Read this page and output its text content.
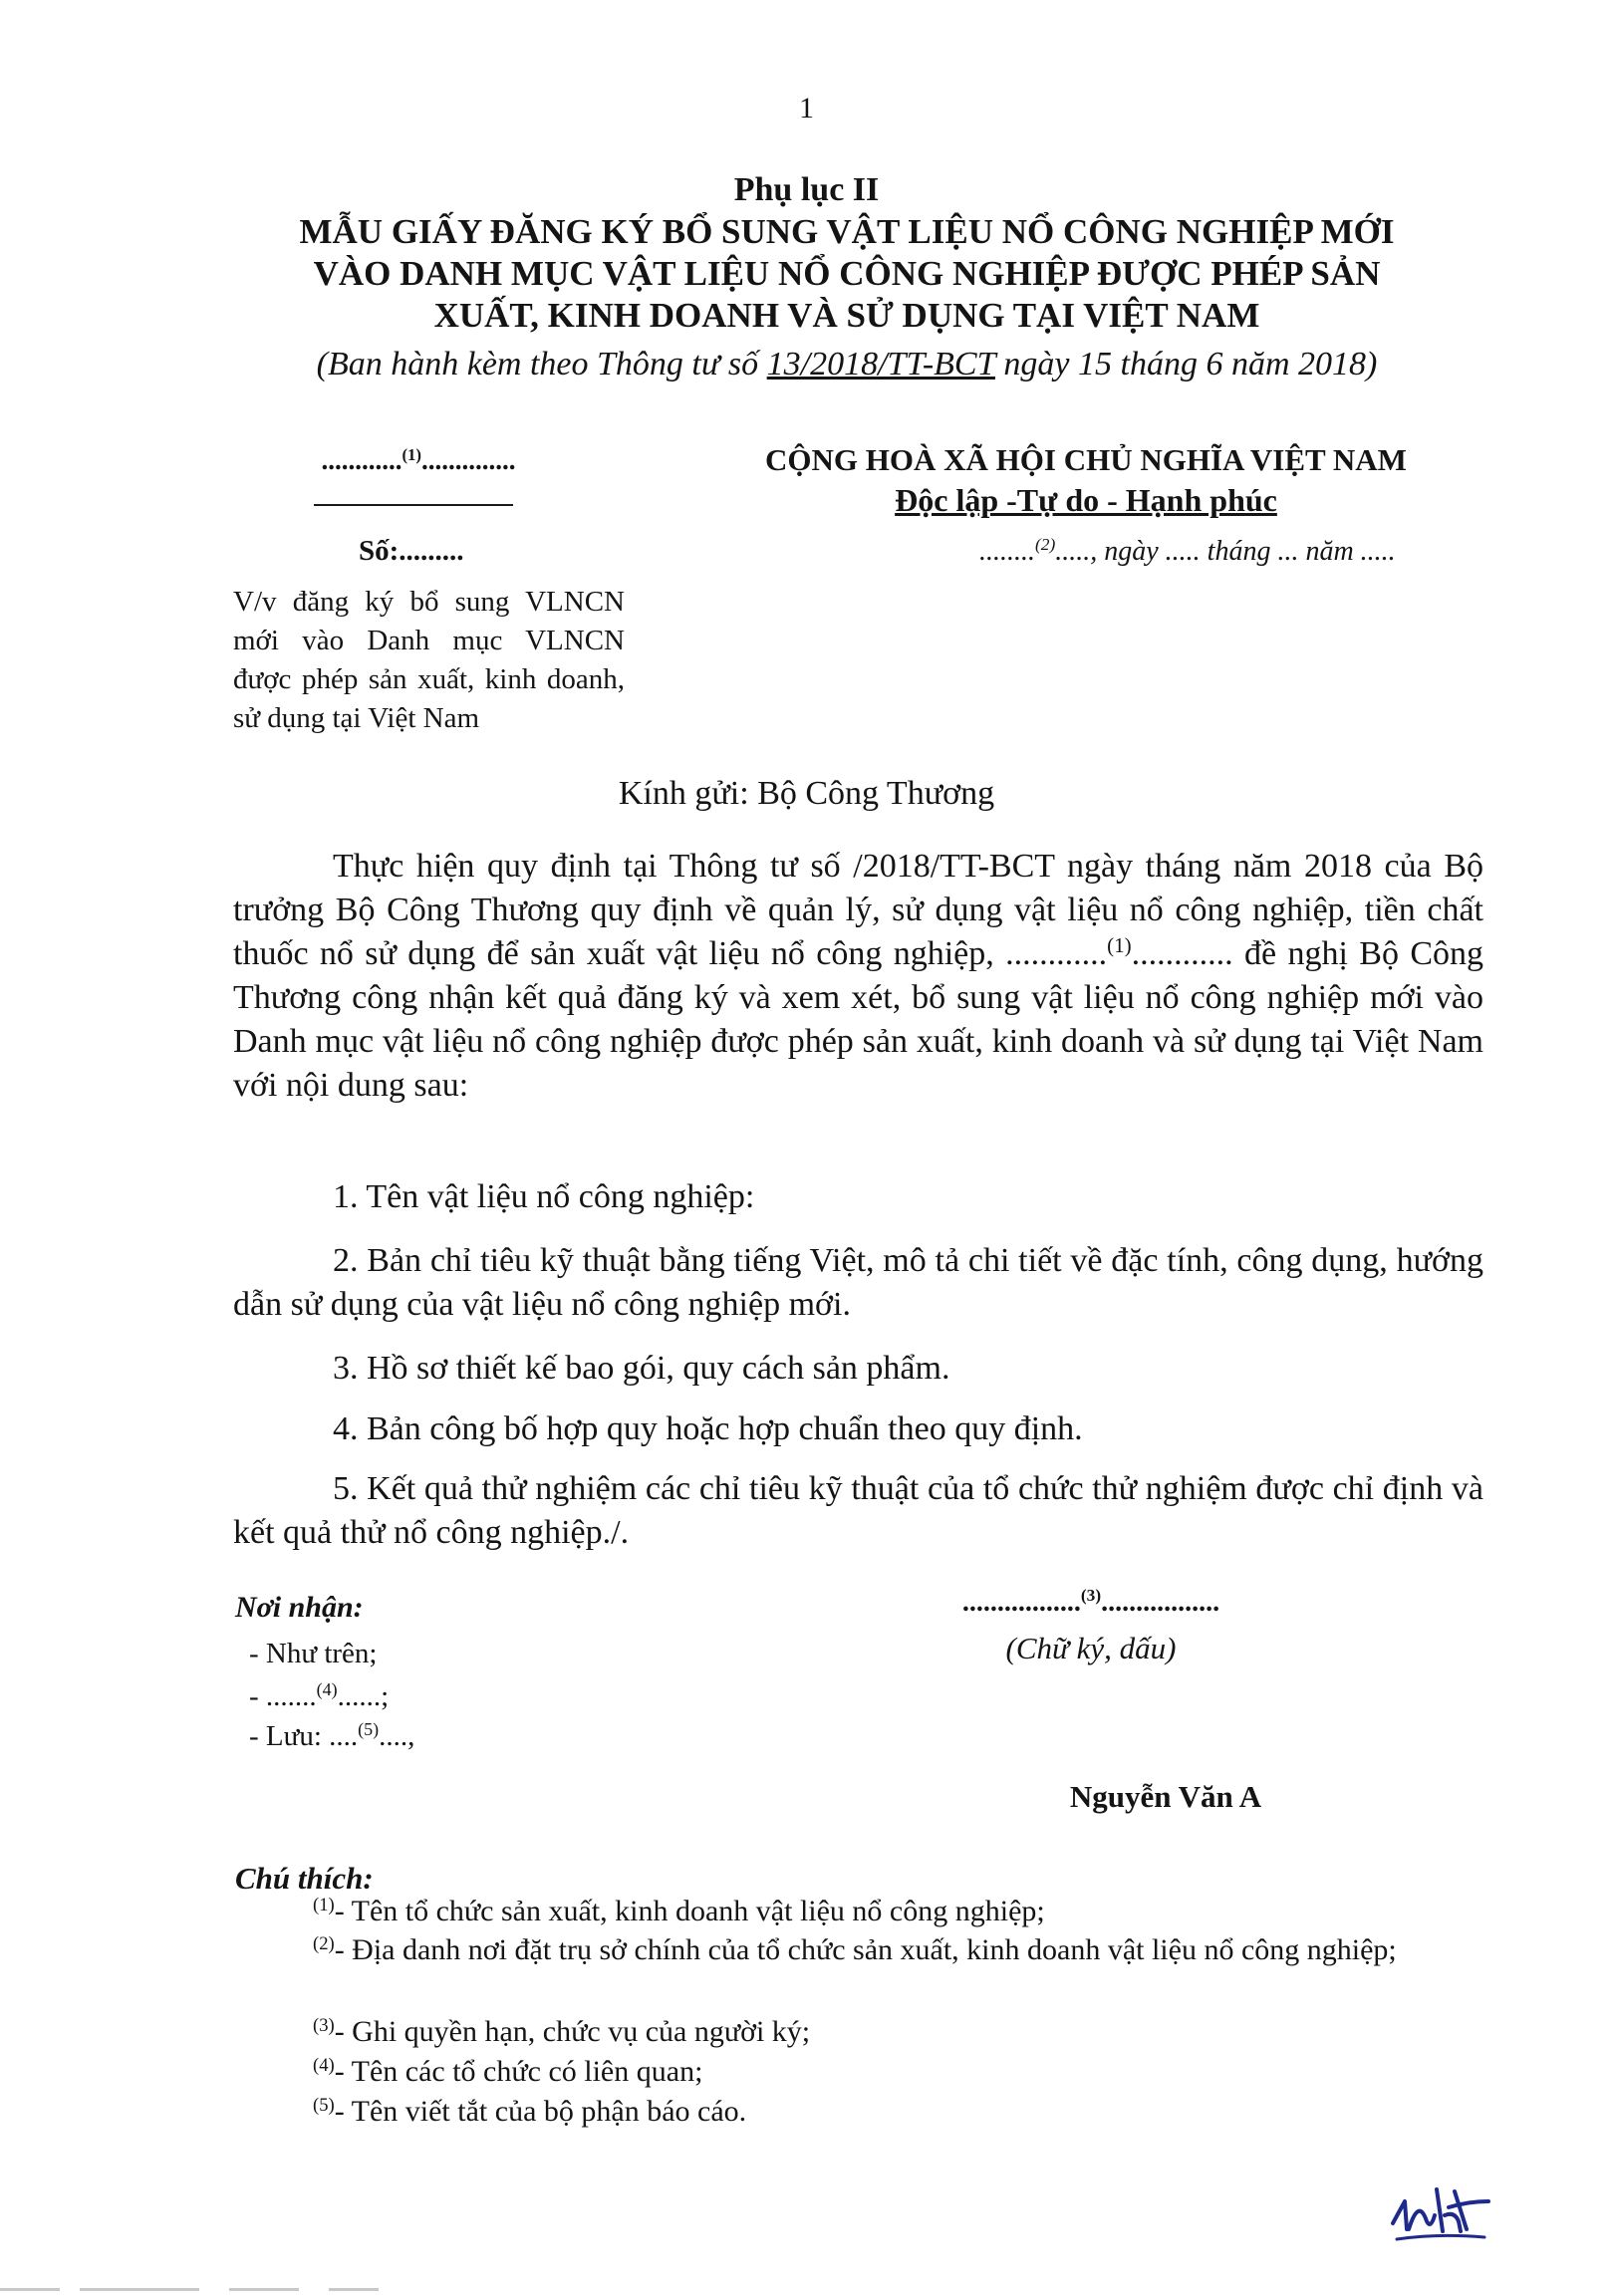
1
Phụ lục II
MẪU GIẤY ĐĂNG KÝ BỔ SUNG VẬT LIỆU NỔ CÔNG NGHIỆP MỚI
VÀO DANH MỤC VẬT LIỆU NỔ CÔNG NGHIỆP ĐƯỢC PHÉP SẢN
XUẤT, KINH DOANH VÀ SỬ DỤNG TẠI VIỆT NAM
(Ban hành kèm theo Thông tư số 13/2018/TT-BCT ngày 15 tháng 6 năm 2018)
............$^{(1)}$..............
Số:.........
V/v đăng ký bổ sung VLNCN mới vào Danh mục VLNCN được phép sản xuất, kinh doanh, sử dụng tại Việt Nam
CỘNG HOÀ XÃ HỘI CHỦ NGHĨA VIỆT NAM
Độc lập -Tự do - Hạnh phúc
........$^{(2)}$....., ngày ..... tháng ... năm .....
Kính gửi: Bộ Công Thương
Thực hiện quy định tại Thông tư số /2018/TT-BCT ngày tháng năm 2018 của Bộ trưởng Bộ Công Thương quy định về quản lý, sử dụng vật liệu nổ công nghiệp, tiền chất thuốc nổ sử dụng để sản xuất vật liệu nổ công nghiệp, ............$^{(1)}$............ đề nghị Bộ Công Thương công nhận kết quả đăng ký và xem xét, bổ sung vật liệu nổ công nghiệp mới vào Danh mục vật liệu nổ công nghiệp được phép sản xuất, kinh doanh và sử dụng tại Việt Nam với nội dung sau:
1. Tên vật liệu nổ công nghiệp:
2. Bản chỉ tiêu kỹ thuật bằng tiếng Việt, mô tả chi tiết về đặc tính, công dụng, hướng dẫn sử dụng của vật liệu nổ công nghiệp mới.
3. Hồ sơ thiết kế bao gói, quy cách sản phẩm.
4. Bản công bố hợp quy hoặc hợp chuẩn theo quy định.
5. Kết quả thử nghiệm các chỉ tiêu kỹ thuật của tổ chức thử nghiệm được chỉ định và kết quả thử nổ công nghiệp./.
Nơi nhận:
- Như trên;
- .......$^{(4)}$......;
- Lưu: ....$^{(5)}$....,
.................$^{(3)}$.................
(Chữ ký, dấu)
Nguyễn Văn A
Chú thích:
$^{(1)}$- Tên tổ chức sản xuất, kinh doanh vật liệu nổ công nghiệp;
$^{(2)}$- Địa danh nơi đặt trụ sở chính của tổ chức sản xuất, kinh doanh vật liệu nổ công nghiệp;
$^{(3)}$- Ghi quyền hạn, chức vụ của người ký;
$^{(4)}$- Tên các tổ chức có liên quan;
$^{(5)}$- Tên viết tắt của bộ phận báo cáo.
